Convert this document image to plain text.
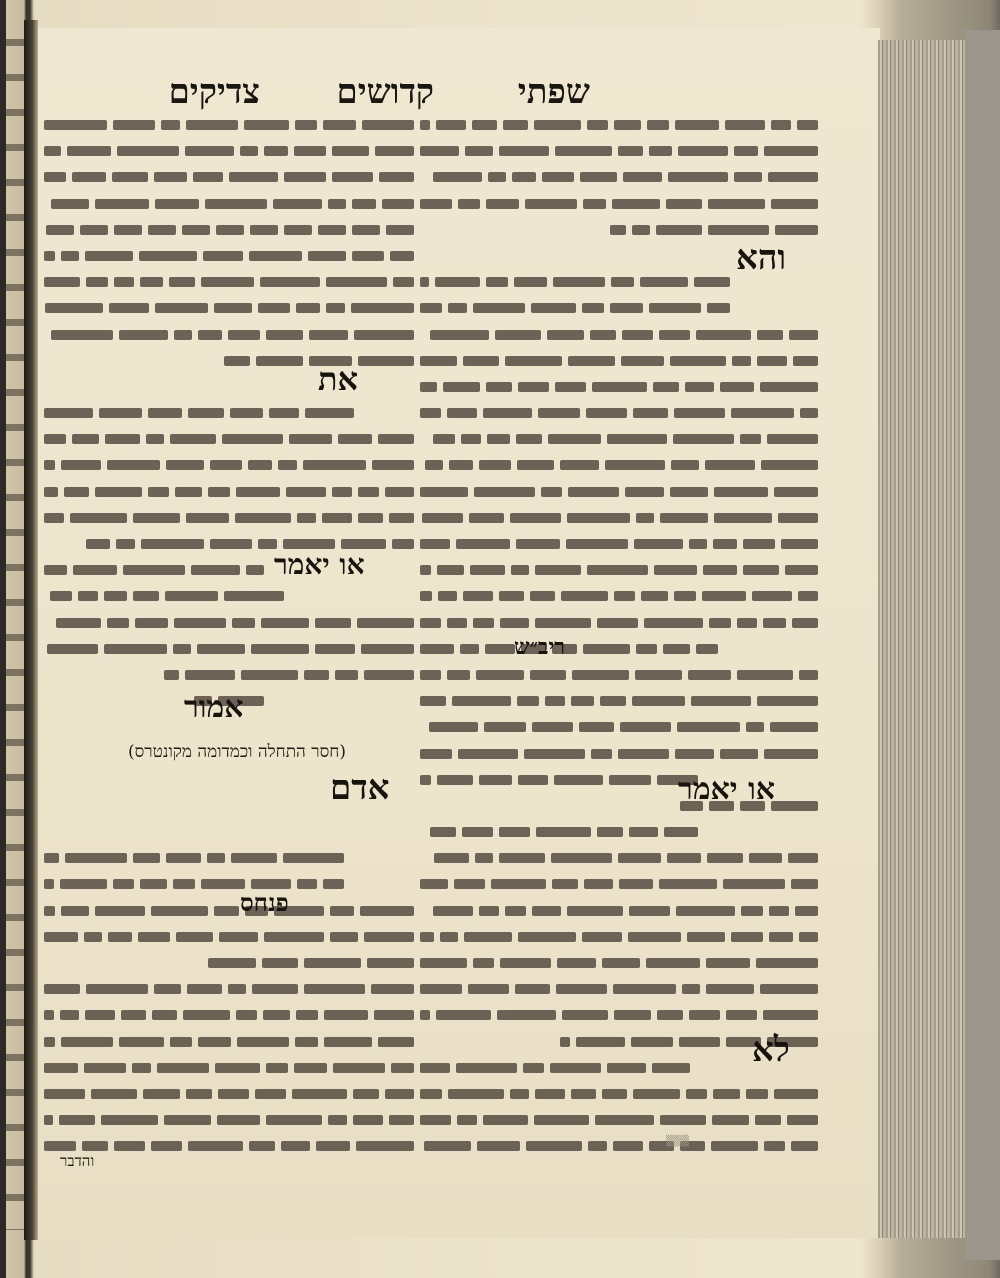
שפתי
קדושים
צדיקים
את
או יאמר
אמור
(חסר התחלה וכמדומה מקונטרס)
אדם
פנחס
והא
ריב״ש
או יאמר
לא
והדבר
▒▒▒
